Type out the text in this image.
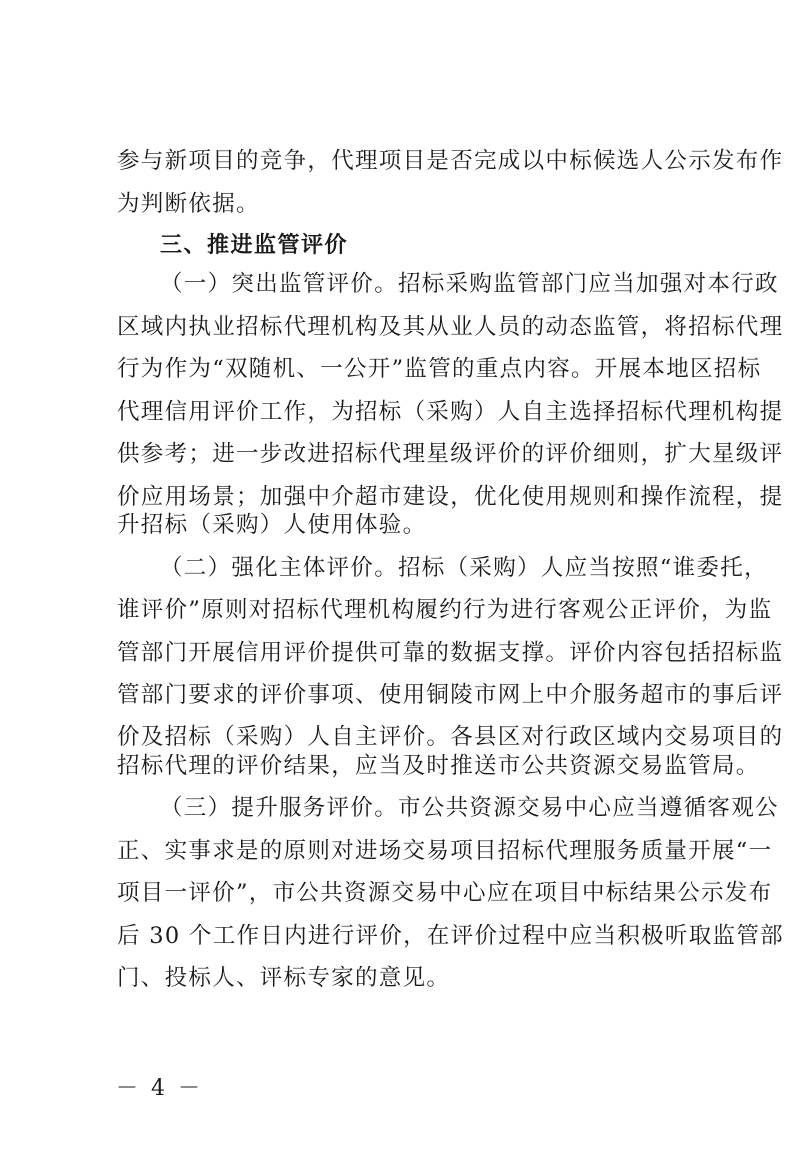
参与新项目的竞争，代理项目是否完成以中标候选人公示发布作
为判断依据。
三、推进监管评价
（一）突出监管评价。招标采购监管部门应当加强对本行政
区域内执业招标代理机构及其从业人员的动态监管，将招标代理
行为作为“双随机、一公开”监管的重点内容。开展本地区招标
代理信用评价工作，为招标（采购）人自主选择招标代理机构提
供参考；进一步改进招标代理星级评价的评价细则，扩大星级评
价应用场景；加强中介超市建设，优化使用规则和操作流程，提
升招标（采购）人使用体验。
（二）强化主体评价。招标（采购）人应当按照“谁委托，
谁评价”原则对招标代理机构履约行为进行客观公正评价，为监
管部门开展信用评价提供可靠的数据支撑。评价内容包括招标监
管部门要求的评价事项、使用铜陵市网上中介服务超市的事后评
价及招标（采购）人自主评价。各县区对行政区域内交易项目的
招标代理的评价结果，应当及时推送市公共资源交易监管局。
（三）提升服务评价。市公共资源交易中心应当遵循客观公
正、实事求是的原则对进场交易项目招标代理服务质量开展“一
项目一评价”，市公共资源交易中心应在项目中标结果公示发布
后 30 个工作日内进行评价，在评价过程中应当积极听取监管部
门、投标人、评标专家的意见。
－ 4 －
